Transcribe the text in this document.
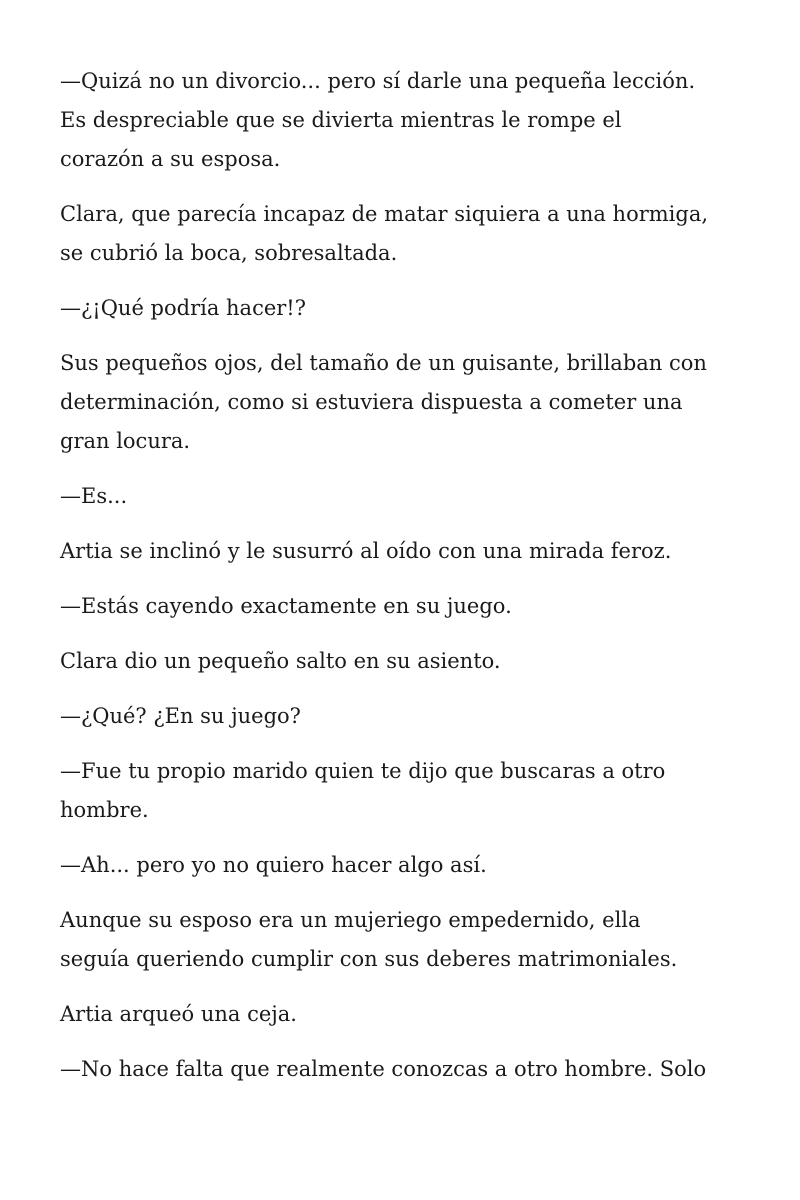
—Quizá no un divorcio... pero sí darle una pequeña lección.
Es despreciable que se divierta mientras le rompe el
corazón a su esposa.
Clara, que parecía incapaz de matar siquiera a una hormiga,
se cubrió la boca, sobresaltada.
—¿¡Qué podría hacer!?
Sus pequeños ojos, del tamaño de un guisante, brillaban con
determinación, como si estuviera dispuesta a cometer una
gran locura.
—Es...
Artia se inclinó y le susurró al oído con una mirada feroz.
—Estás cayendo exactamente en su juego.
Clara dio un pequeño salto en su asiento.
—¿Qué? ¿En su juego?
—Fue tu propio marido quien te dijo que buscaras a otro
hombre.
—Ah... pero yo no quiero hacer algo así.
Aunque su esposo era un mujeriego empedernido, ella
seguía queriendo cumplir con sus deberes matrimoniales.
Artia arqueó una ceja.
—No hace falta que realmente conozcas a otro hombre. Solo
